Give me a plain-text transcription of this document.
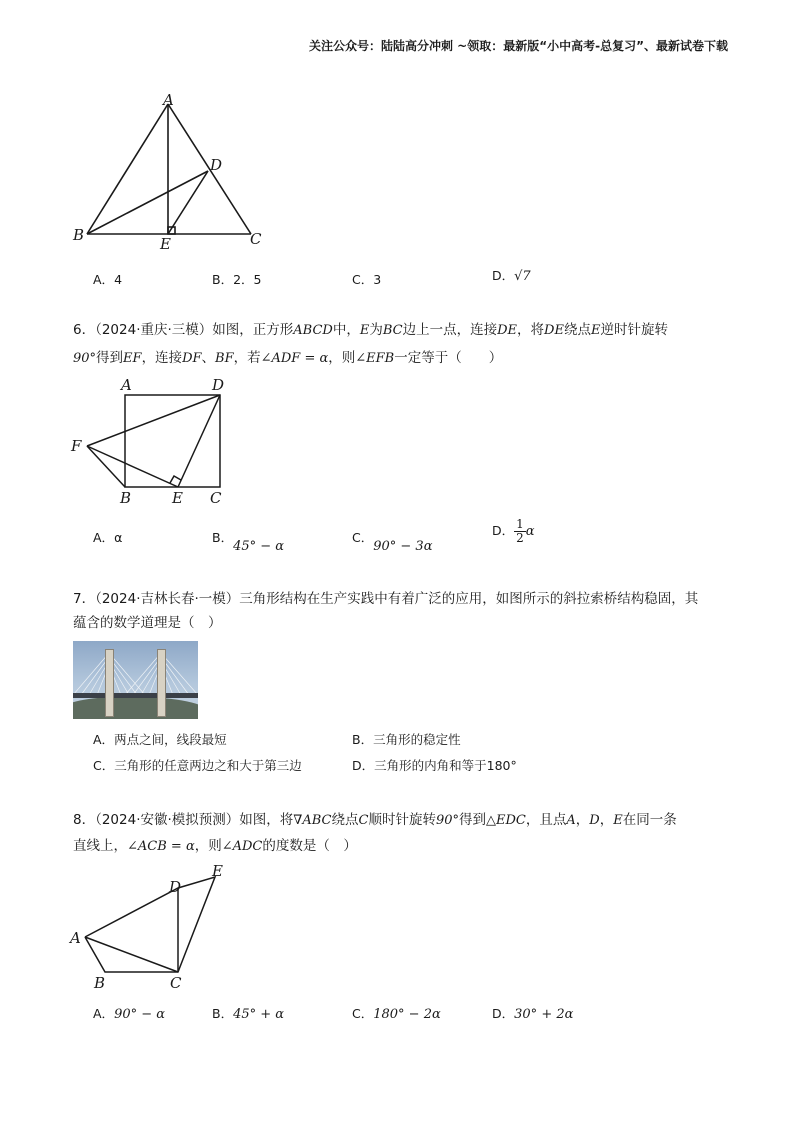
关注公众号：陆陆高分冲刺 ~领取：最新版“小中高考-总复习”、最新试卷下载
A
B	C
D
E
A．4	B．2．5	C．3	D．√7
6．（2024·重庆·三模）如图，正方形ABCD中，E为BC边上一点，连接DE，将DE绕点E逆时针旋转
90°得到EF，连接DF、BF，若∠ADF = α，则∠EFB一定等于（　　）
A	D
F
B	E C
A．α	B．45° − α
C．90° − 3α
D． $\frac{1}{2}$ α
7．（2024·吉林长春·一模）三角形结构在生产实践中有着广泛的应用，如图所示的斜拉索桥结构稳固，其
蕴含的数学道理是（　）
A．两点之间，线段最短	B．三角形的稳定性
C．三角形的任意两边之和大于第三边	D．三角形的内角和等于180°
8．（2024·安徽·模拟预测）如图，将∇ABC绕点C顺时针旋转90°得到△EDC，且点A，D，E在同一条
直线上，∠ACB = α，则∠ADC的度数是（　）
E
D
A
B	C
A．90° − α	B．45° + α	C．180° − 2α	D．30° + 2α
